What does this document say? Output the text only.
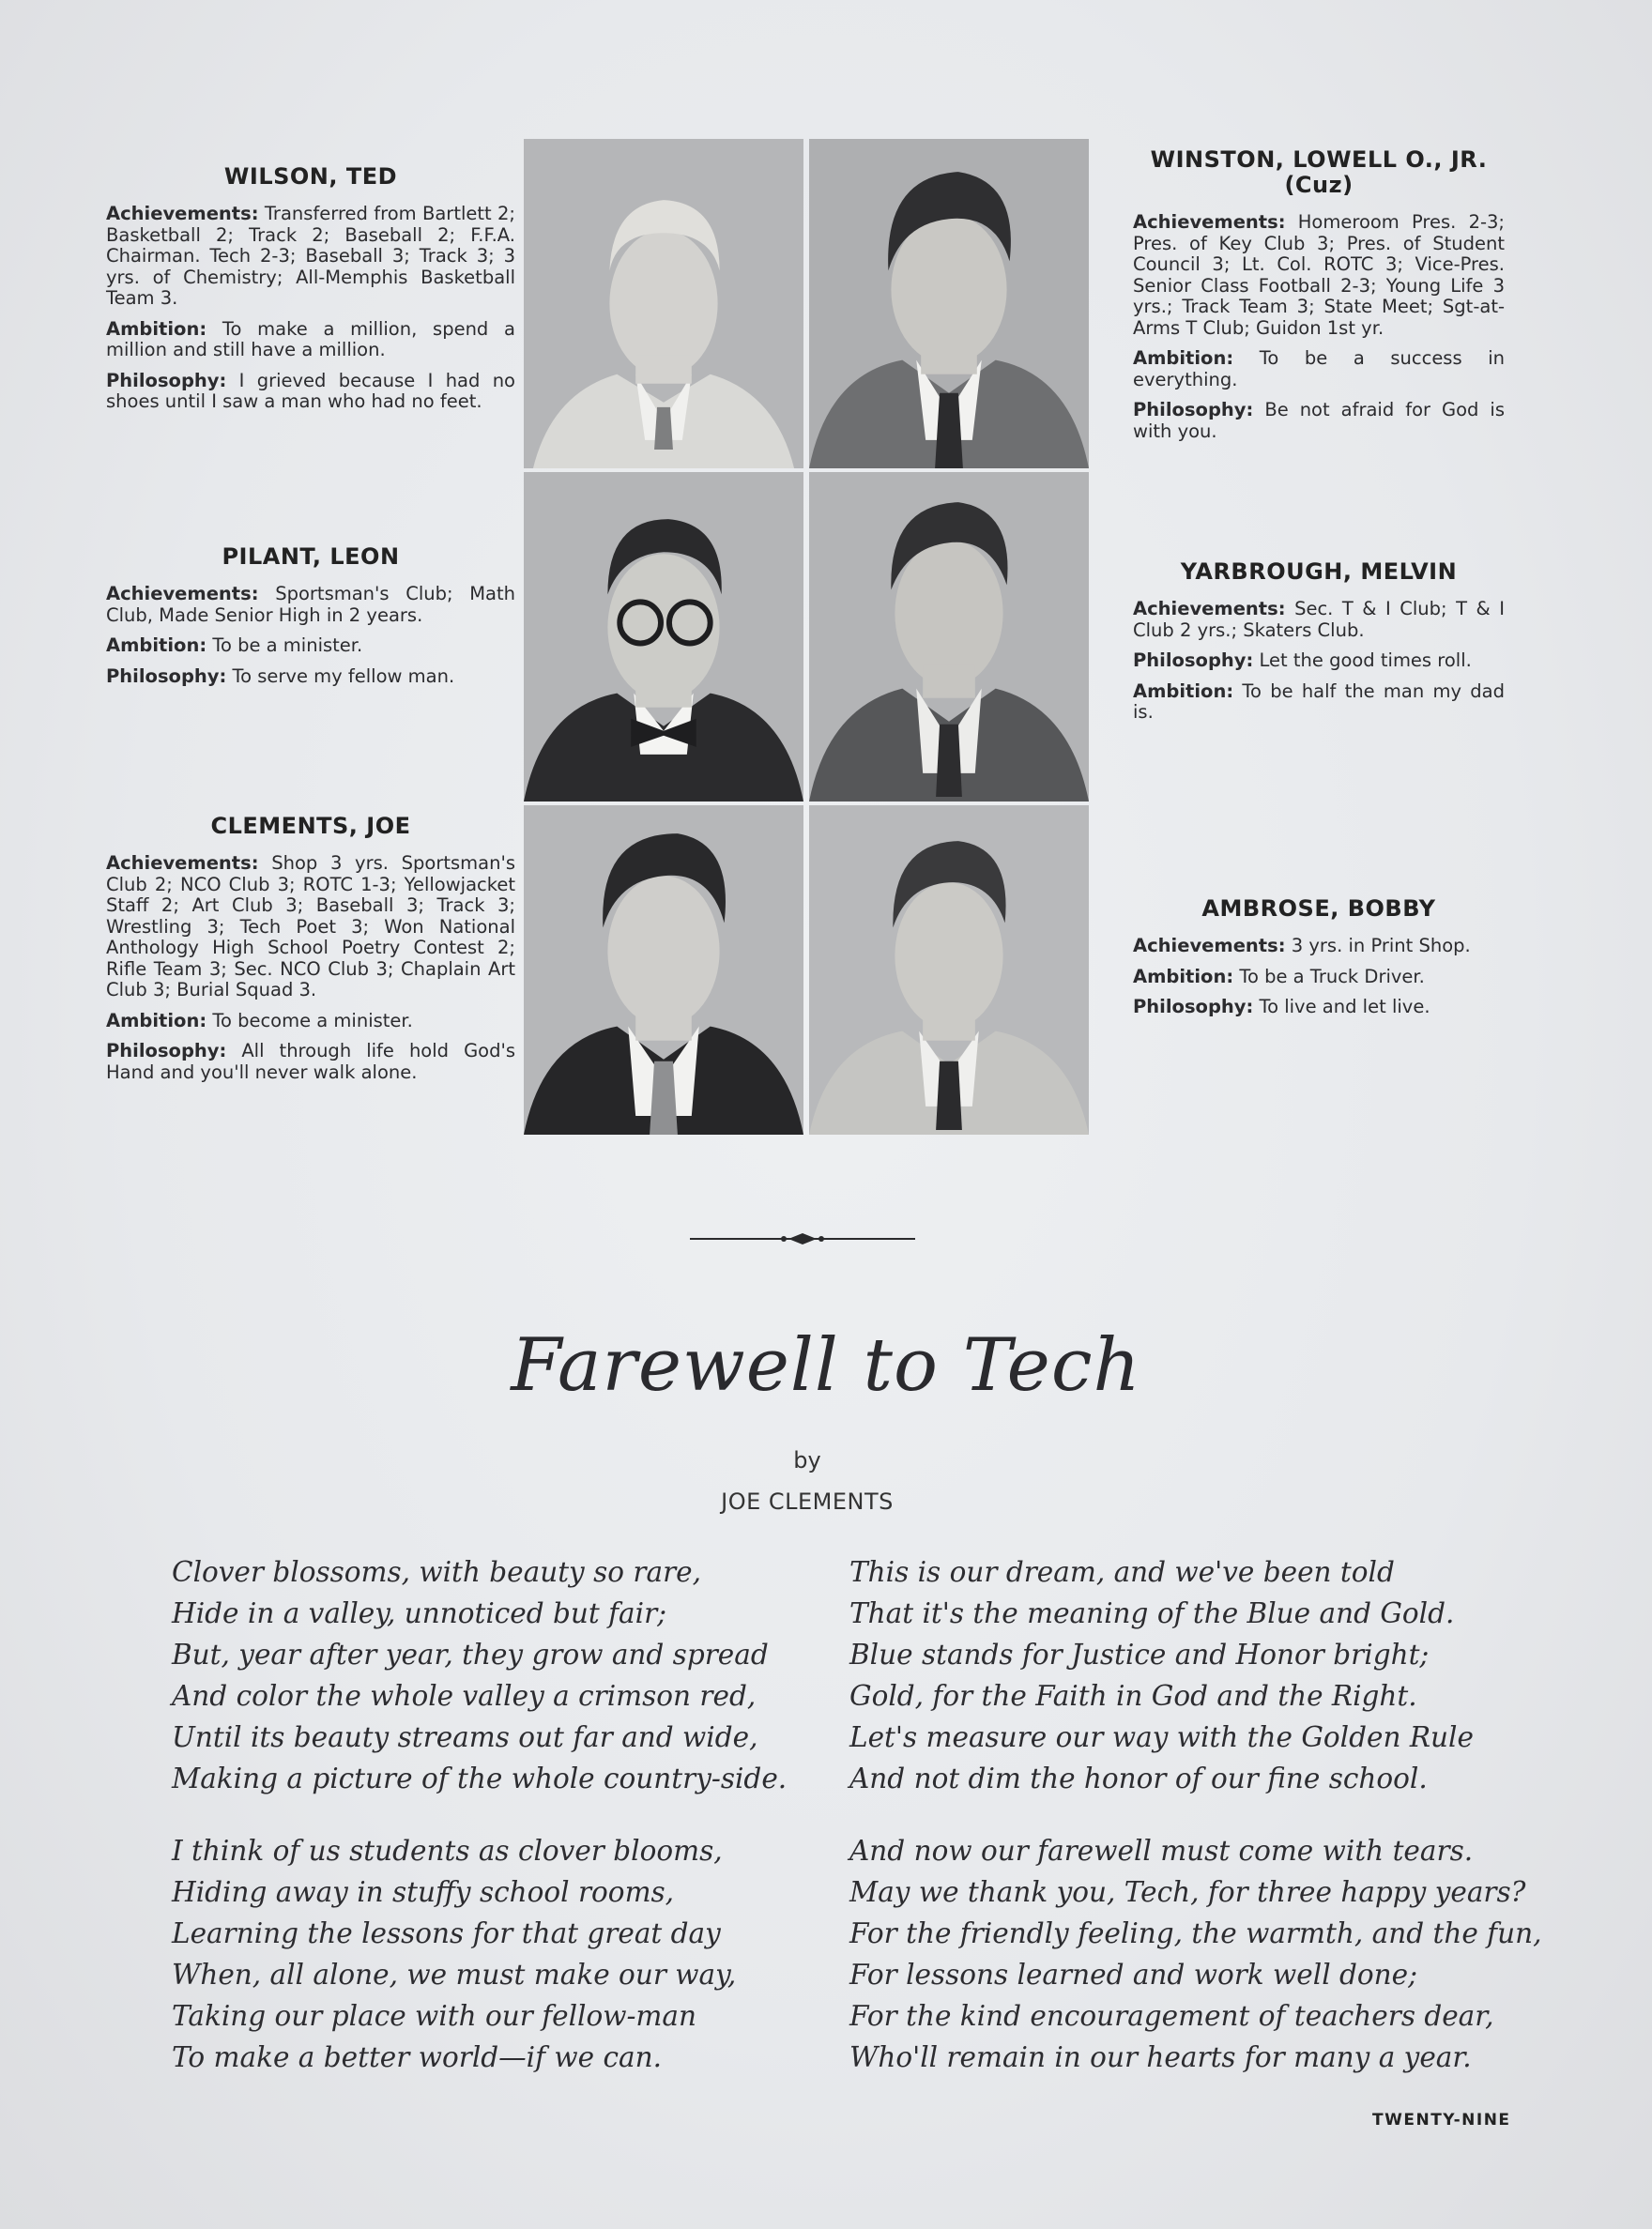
WILSON, TED

Achievements: Transferred from Bartlett 2; Basketball 2; Track 2; Baseball 2; F.F.A. Chairman. Tech 2-3; Baseball 3; Track 3; 3 yrs. of Chemistry; All-Memphis Basketball Team 3.

Ambition: To make a million, spend a million and still have a million.

Philosophy: I grieved because I had no shoes until I saw a man who had no feet.

PILANT, LEON

Achievements: Sportsman's Club; Math Club, Made Senior High in 2 years.

Ambition: To be a minister.

Philosophy: To serve my fellow man.

CLEMENTS, JOE

Achievements: Shop 3 yrs. Sportsman's Club 2; NCO Club 3; ROTC 1-3; Yellowjacket Staff 2; Art Club 3; Baseball 3; Track 3; Wrestling 3; Tech Poet 3; Won National Anthology High School Poetry Contest 2; Rifle Team 3; Sec. NCO Club 3; Chaplain Art Club 3; Burial Squad 3.

Ambition: To become a minister.

Philosophy: All through life hold God's Hand and you'll never walk alone.

WINSTON, LOWELL O., JR.
(Cuz)

Achievements: Homeroom Pres. 2-3; Pres. of Key Club 3; Pres. of Student Council 3; Lt. Col. ROTC 3; Vice-Pres. Senior Class Football 2-3; Young Life 3 yrs.; Track Team 3; State Meet; Sgt-at-Arms T Club; Guidon 1st yr.

Ambition: To be a success in everything.

Philosophy: Be not afraid for God is with you.

YARBROUGH, MELVIN

Achievements: Sec. T & I Club; T & I Club 2 yrs.; Skaters Club.

Philosophy: Let the good times roll.

Ambition: To be half the man my dad is.

AMBROSE, BOBBY

Achievements: 3 yrs. in Print Shop.

Ambition: To be a Truck Driver.

Philosophy: To live and let live.

Farewell to Tech
by
JOE CLEMENTS
Clover blossoms, with beauty so rare,
Hide in a valley, unnoticed but fair;
But, year after year, they grow and spread
And color the whole valley a crimson red,
Until its beauty streams out far and wide,
Making a picture of the whole country-side.
I think of us students as clover blooms,
Hiding away in stuffy school rooms,
Learning the lessons for that great day
When, all alone, we must make our way,
Taking our place with our fellow-man
To make a better world—if we can.
This is our dream, and we've been told
That it's the meaning of the Blue and Gold.
Blue stands for Justice and Honor bright;
Gold, for the Faith in God and the Right.
Let's measure our way with the Golden Rule
And not dim the honor of our fine school.
And now our farewell must come with tears.
May we thank you, Tech, for three happy years?
For the friendly feeling, the warmth, and the fun,
For lessons learned and work well done;
For the kind encouragement of teachers dear,
Who'll remain in our hearts for many a year.
TWENTY-NINE
